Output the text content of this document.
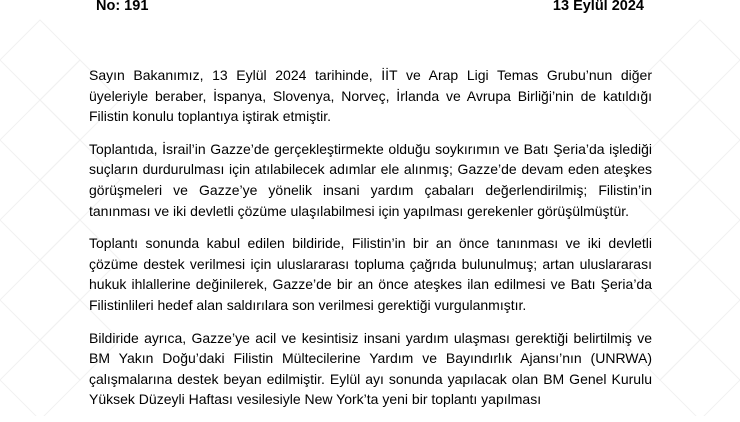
No: 191	13 Eylül 2024

Sayın Bakanımız, 13 Eylül 2024 tarihinde, İİT ve Arap Ligi Temas Grubu’nun diğer üyeleriyle beraber, İspanya, Slovenya, Norveç, İrlanda ve Avrupa Birliği’nin de katıldığı Filistin konulu toplantıya iştirak etmiştir.

Toplantıda, İsrail’in Gazze’de gerçekleştirmekte olduğu soykırımın ve Batı Şeria’da işlediği suçların durdurulması için atılabilecek adımlar ele alınmış; Gazze’de devam eden ateşkes görüşmeleri ve Gazze’ye yönelik insani yardım çabaları değerlendirilmiş; Filistin’in tanınması ve iki devletli çözüme ulaşılabilmesi için yapılması gerekenler görüşülmüştür.

Toplantı sonunda kabul edilen bildiride, Filistin’in bir an önce tanınması ve iki devletli çözüme destek verilmesi için uluslararası topluma çağrıda bulunulmuş; artan uluslararası hukuk ihlallerine değinilerek, Gazze’de bir an önce ateşkes ilan edilmesi ve Batı Şeria’da Filistinlileri hedef alan saldırılara son verilmesi gerektiği vurgulanmıştır.

Bildiride ayrıca, Gazze’ye acil ve kesintisiz insani yardım ulaşması gerektiği belirtilmiş ve BM Yakın Doğu’daki Filistin Mültecilerine Yardım ve Bayındırlık Ajansı’nın (UNRWA) çalışmalarına destek beyan edilmiştir. Eylül ayı sonunda yapılacak olan BM Genel Kurulu Yüksek Düzeyli Haftası vesilesiyle New York’ta yeni bir toplantı yapılması
